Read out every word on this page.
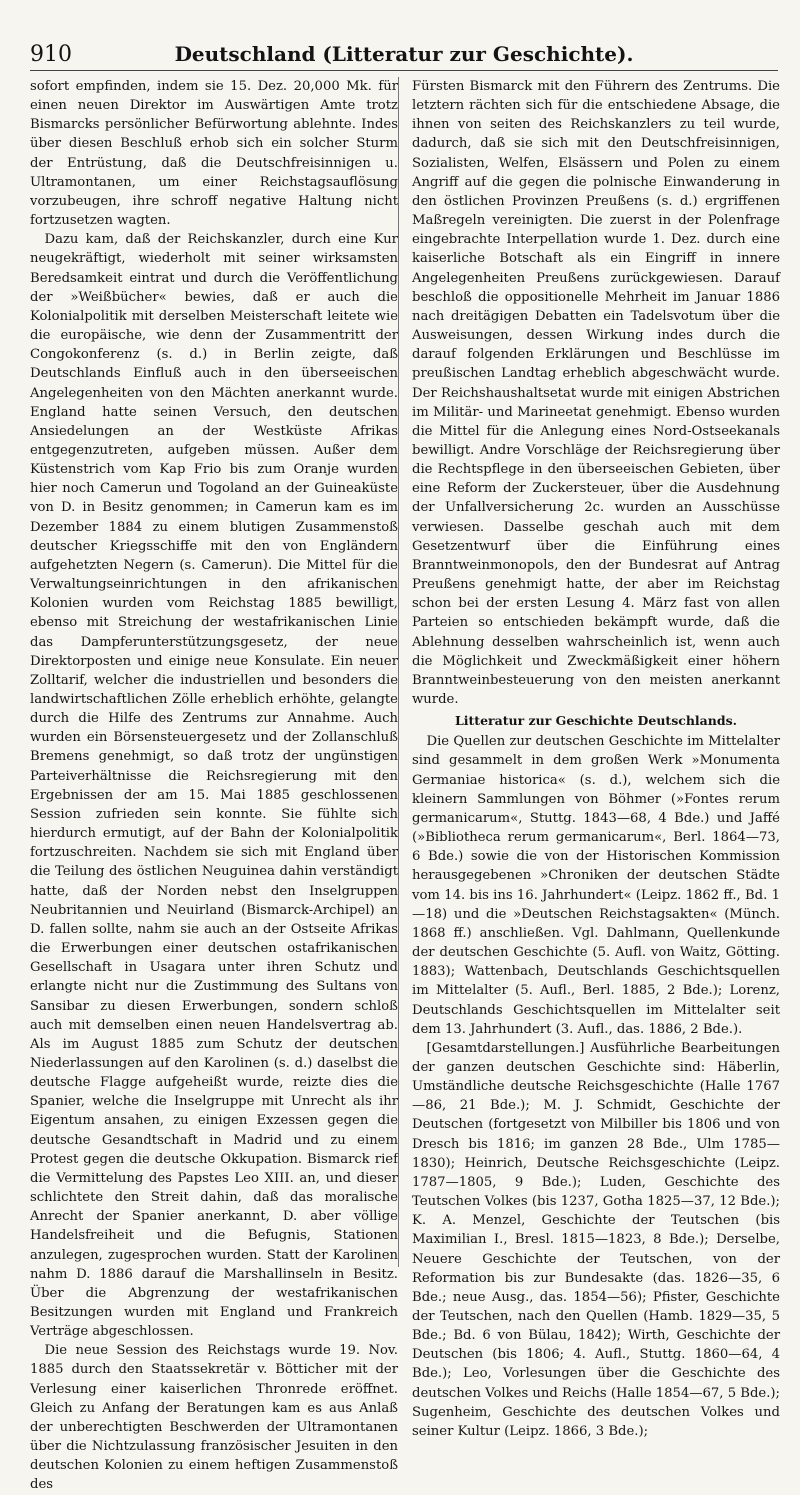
910	Deutschland (Litteratur zur Geschichte).

sofort empfinden, indem sie 15. Dez. 20,000 Mk. für einen neuen Direktor im Auswärtigen Amte trotz Bismarcks persönlicher Befürwortung ablehnte. Indes über diesen Beschluß erhob sich ein solcher Sturm der Entrüstung, daß die Deutschfreisinnigen u. Ultramontanen, um einer Reichstagsauflösung vorzubeugen, ihre schroff negative Haltung nicht fortzusetzen wagten.

Dazu kam, daß der Reichskanzler, durch eine Kur neugekräftigt, wiederholt mit seiner wirksamsten Beredsamkeit eintrat und durch die Veröffentlichung der »Weißbücher« bewies, daß er auch die Kolonialpolitik mit derselben Meisterschaft leitete wie die europäische, wie denn der Zusammentritt der Congokonferenz (s. d.) in Berlin zeigte, daß Deutschlands Einfluß auch in den überseeischen Angelegenheiten von den Mächten anerkannt wurde. England hatte seinen Versuch, den deutschen Ansiedelungen an der Westküste Afrikas entgegenzutreten, aufgeben müssen. Außer dem Küstenstrich vom Kap Frio bis zum Oranje wurden hier noch Camerun und Togoland an der Guineaküste von D. in Besitz genommen; in Camerun kam es im Dezember 1884 zu einem blutigen Zusammenstoß deutscher Kriegsschiffe mit den von Engländern aufgehetzten Negern (s. Camerun). Die Mittel für die Verwaltungseinrichtungen in den afrikanischen Kolonien wurden vom Reichstag 1885 bewilligt, ebenso mit Streichung der westafrikanischen Linie das Dampferunterstützungsgesetz, der neue Direktorposten und einige neue Konsulate. Ein neuer Zolltarif, welcher die industriellen und besonders die landwirtschaftlichen Zölle erheblich erhöhte, gelangte durch die Hilfe des Zentrums zur Annahme. Auch wurden ein Börsensteuergesetz und der Zollanschluß Bremens genehmigt, so daß trotz der ungünstigen Parteiverhältnisse die Reichsregierung mit den Ergebnissen der am 15. Mai 1885 geschlossenen Session zufrieden sein konnte. Sie fühlte sich hierdurch ermutigt, auf der Bahn der Kolonialpolitik fortzuschreiten. Nachdem sie sich mit England über die Teilung des östlichen Neuguinea dahin verständigt hatte, daß der Norden nebst den Inselgruppen Neubritannien und Neuirland (Bismarck-Archipel) an D. fallen sollte, nahm sie auch an der Ostseite Afrikas die Erwerbungen einer deutschen ostafrikanischen Gesellschaft in Usagara unter ihren Schutz und erlangte nicht nur die Zustimmung des Sultans von Sansibar zu diesen Erwerbungen, sondern schloß auch mit demselben einen neuen Handelsvertrag ab. Als im August 1885 zum Schutz der deutschen Niederlassungen auf den Karolinen (s. d.) daselbst die deutsche Flagge aufgeheißt wurde, reizte dies die Spanier, welche die Inselgruppe mit Unrecht als ihr Eigentum ansahen, zu einigen Exzessen gegen die deutsche Gesandtschaft in Madrid und zu einem Protest gegen die deutsche Okkupation. Bismarck rief die Vermittelung des Papstes Leo XIII. an, und dieser schlichtete den Streit dahin, daß das moralische Anrecht der Spanier anerkannt, D. aber völlige Handelsfreiheit und die Befugnis, Stationen anzulegen, zugesprochen wurden. Statt der Karolinen nahm D. 1886 darauf die Marshallinseln in Besitz. Über die Abgrenzung der westafrikanischen Besitzungen wurden mit England und Frankreich Verträge abgeschlossen.

Die neue Session des Reichstags wurde 19. Nov. 1885 durch den Staatssekretär v. Bötticher mit der Verlesung einer kaiserlichen Thronrede eröffnet. Gleich zu Anfang der Beratungen kam es aus Anlaß der unberechtigten Beschwerden der Ultramontanen über die Nichtzulassung französischer Jesuiten in den deutschen Kolonien zu einem heftigen Zusammenstoß des

Fürsten Bismarck mit den Führern des Zentrums. Die letztern rächten sich für die entschiedene Absage, die ihnen von seiten des Reichskanzlers zu teil wurde, dadurch, daß sie sich mit den Deutschfreisinnigen, Sozialisten, Welfen, Elsässern und Polen zu einem Angriff auf die gegen die polnische Einwanderung in den östlichen Provinzen Preußens (s. d.) ergriffenen Maßregeln vereinigten. Die zuerst in der Polenfrage eingebrachte Interpellation wurde 1. Dez. durch eine kaiserliche Botschaft als ein Eingriff in innere Angelegenheiten Preußens zurückgewiesen. Darauf beschloß die oppositionelle Mehrheit im Januar 1886 nach dreitägigen Debatten ein Tadelsvotum über die Ausweisungen, dessen Wirkung indes durch die darauf folgenden Erklärungen und Beschlüsse im preußischen Landtag erheblich abgeschwächt wurde. Der Reichshaushaltsetat wurde mit einigen Abstrichen im Militär- und Marineetat genehmigt. Ebenso wurden die Mittel für die Anlegung eines Nord-Ostseekanals bewilligt. Andre Vorschläge der Reichsregierung über die Rechtspflege in den überseeischen Gebieten, über eine Reform der Zuckersteuer, über die Ausdehnung der Unfallversicherung 2c. wurden an Ausschüsse verwiesen. Dasselbe geschah auch mit dem Gesetzentwurf über die Einführung eines Branntweinmonopols, den der Bundesrat auf Antrag Preußens genehmigt hatte, der aber im Reichstag schon bei der ersten Lesung 4. März fast von allen Parteien so entschieden bekämpft wurde, daß die Ablehnung desselben wahrscheinlich ist, wenn auch die Möglichkeit und Zweckmäßigkeit einer höhern Branntweinbesteuerung von den meisten anerkannt wurde.

Litteratur zur Geschichte Deutschlands.

Die Quellen zur deutschen Geschichte im Mittelalter sind gesammelt in dem großen Werk »Monumenta Germaniae historica« (s. d.), welchem sich die kleinern Sammlungen von Böhmer (»Fontes rerum germanicarum«, Stuttg. 1843—68, 4 Bde.) und Jaffé (»Bibliotheca rerum germanicarum«, Berl. 1864—73, 6 Bde.) sowie die von der Historischen Kommission herausgegebenen »Chroniken der deutschen Städte vom 14. bis ins 16. Jahrhundert« (Leipz. 1862 ff., Bd. 1—18) und die »Deutschen Reichstagsakten« (Münch. 1868 ff.) anschließen. Vgl. Dahlmann, Quellenkunde der deutschen Geschichte (5. Aufl. von Waitz, Götting. 1883); Wattenbach, Deutschlands Geschichtsquellen im Mittelalter (5. Aufl., Berl. 1885, 2 Bde.); Lorenz, Deutschlands Geschichtsquellen im Mittelalter seit dem 13. Jahrhundert (3. Aufl., das. 1886, 2 Bde.).

[Gesamtdarstellungen.] Ausführliche Bearbeitungen der ganzen deutschen Geschichte sind: Häberlin, Umständliche deutsche Reichsgeschichte (Halle 1767—86, 21 Bde.); M. J. Schmidt, Geschichte der Deutschen (fortgesetzt von Milbiller bis 1806 und von Dresch bis 1816; im ganzen 28 Bde., Ulm 1785—1830); Heinrich, Deutsche Reichsgeschichte (Leipz. 1787—1805, 9 Bde.); Luden, Geschichte des Teutschen Volkes (bis 1237, Gotha 1825—37, 12 Bde.); K. A. Menzel, Geschichte der Teutschen (bis Maximilian I., Bresl. 1815—1823, 8 Bde.); Derselbe, Neuere Geschichte der Teutschen, von der Reformation bis zur Bundesakte (das. 1826—35, 6 Bde.; neue Ausg., das. 1854—56); Pfister, Geschichte der Teutschen, nach den Quellen (Hamb. 1829—35, 5 Bde.; Bd. 6 von Bülau, 1842); Wirth, Geschichte der Deutschen (bis 1806; 4. Aufl., Stuttg. 1860—64, 4 Bde.); Leo, Vorlesungen über die Geschichte des deutschen Volkes und Reichs (Halle 1854—67, 5 Bde.); Sugenheim, Geschichte des deutschen Volkes und seiner Kultur (Leipz. 1866, 3 Bde.);
